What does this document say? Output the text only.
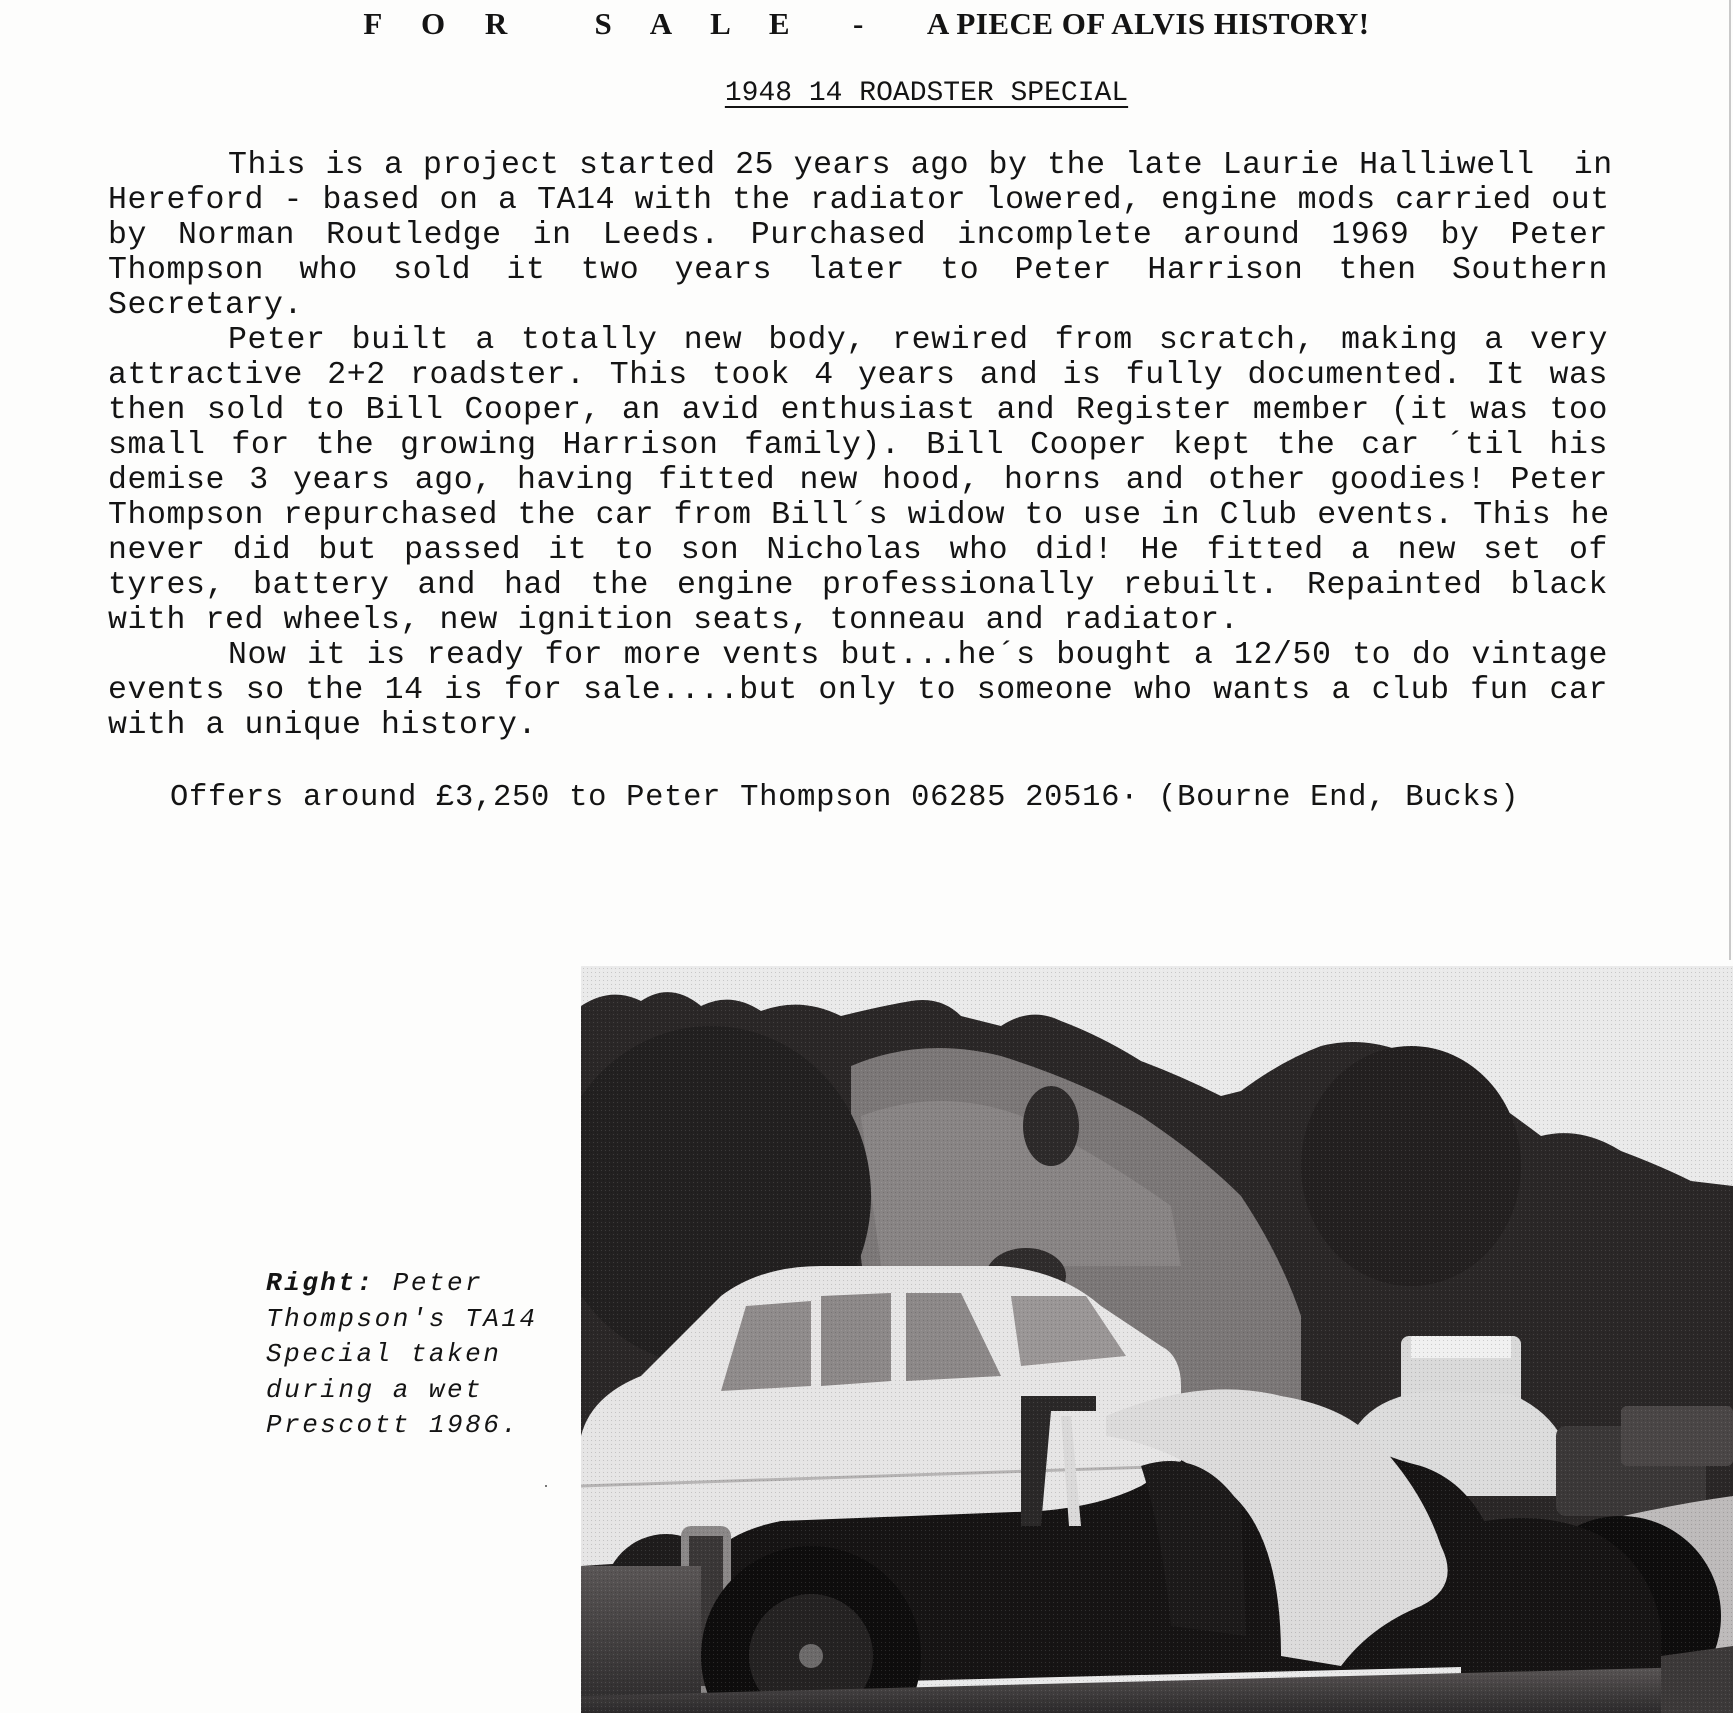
F O R   S A L E  -  A PIECE OF ALVIS HISTORY!
1948 14 ROADSTER SPECIAL
This is a project started 25 years ago by the late Laurie Halliwell  in
Hereford - based on a TA14 with the radiator lowered, engine mods carried out
by Norman Routledge in Leeds. Purchased incomplete around 1969 by Peter
Thompson who sold it two years later to Peter Harrison then Southern
Secretary.
Peter built a totally new body, rewired from scratch, making a very
attractive 2+2 roadster. This took 4 years and is fully documented. It was
then sold to Bill Cooper, an avid enthusiast and Register member (it was too
small for the growing Harrison family). Bill Cooper kept the car ´til his
demise 3 years ago, having fitted new hood, horns and other goodies! Peter
Thompson repurchased the car from Bill´s widow to use in Club events. This he
never did but passed it to son Nicholas who did! He fitted a new set of
tyres, battery and had the engine professionally rebuilt. Repainted black
with red wheels, new ignition seats, tonneau and radiator.
Now it is ready for more vents but...he´s bought a 12/50 to do vintage
events so the 14 is for sale....but only to someone who wants a club fun car
with a unique history.
Offers around £3,250 to Peter Thompson 06285 20516· (Bourne End, Bucks)
Right: Peter
Thompson's TA14
Special taken
during a wet
Prescott 1986.
